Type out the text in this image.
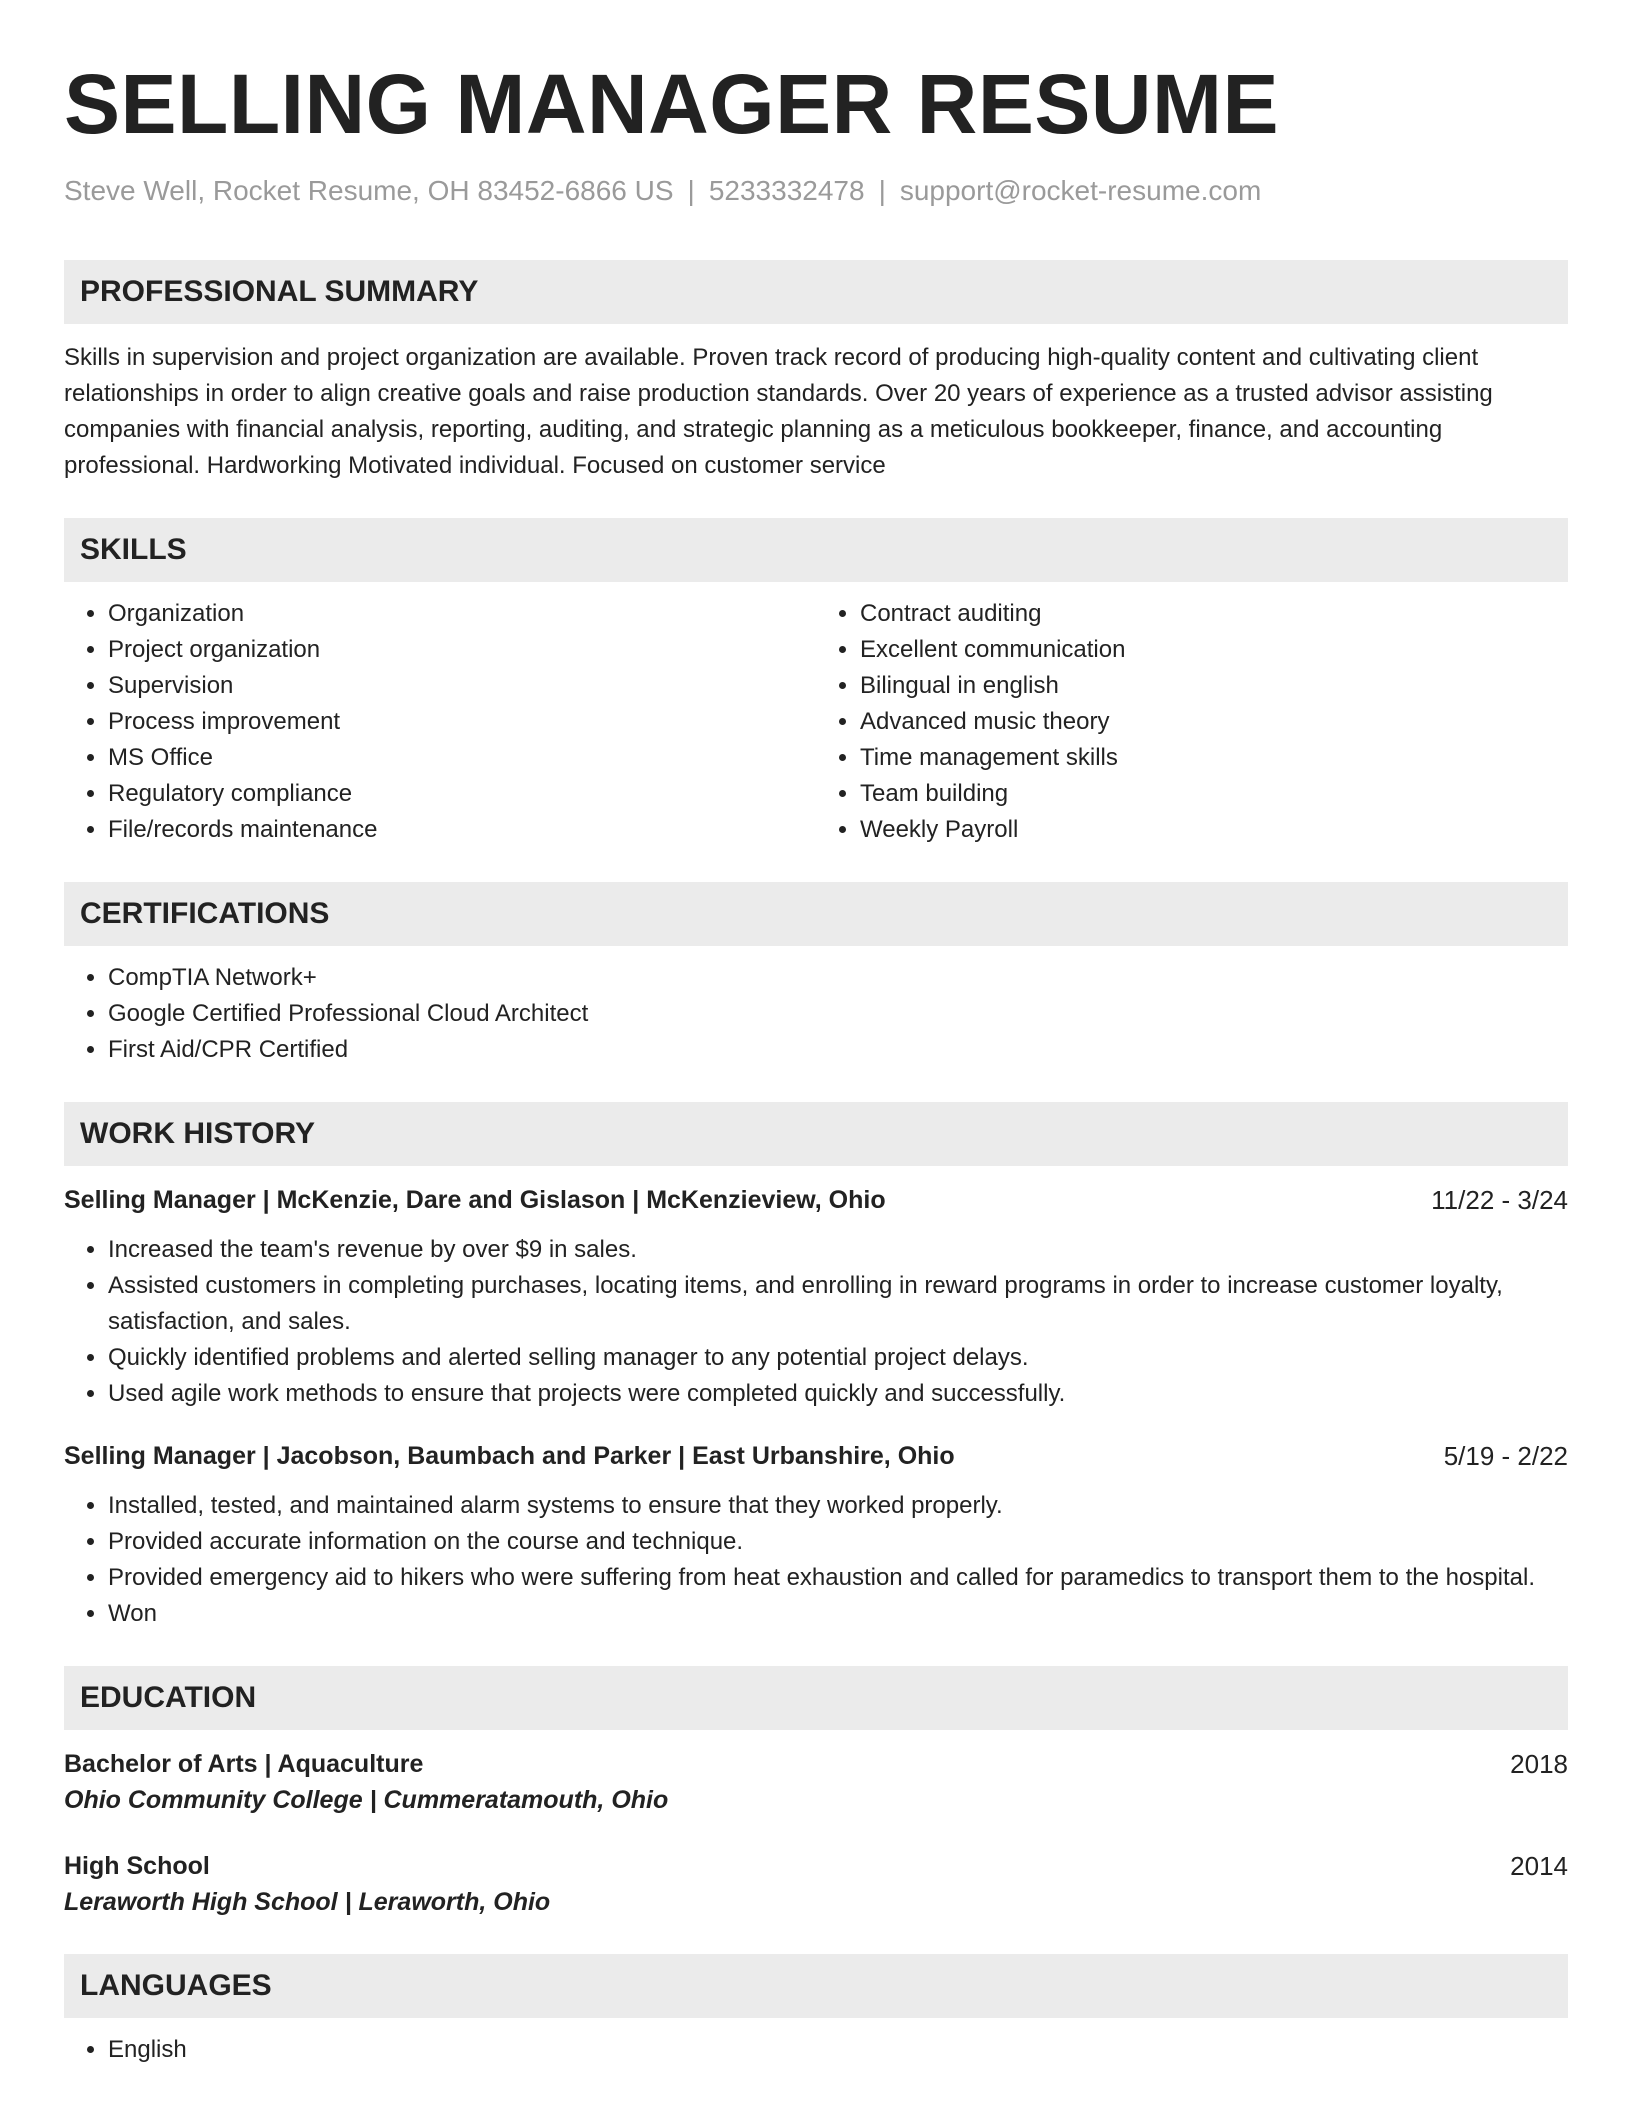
SELLING MANAGER RESUME
Steve Well, Rocket Resume, OH 83452-6866 US | 5233332478 | support@rocket-resume.com
PROFESSIONAL SUMMARY
Skills in supervision and project organization are available. Proven track record of producing high-quality content and cultivating client relationships in order to align creative goals and raise production standards. Over 20 years of experience as a trusted advisor assisting companies with financial analysis, reporting, auditing, and strategic planning as a meticulous bookkeeper, finance, and accounting professional. Hardworking Motivated individual. Focused on customer service
SKILLS
• Organization
• Project organization
• Supervision
• Process improvement
• MS Office
• Regulatory compliance
• File/records maintenance
• Contract auditing
• Excellent communication
• Bilingual in english
• Advanced music theory
• Time management skills
• Team building
• Weekly Payroll
CERTIFICATIONS
• CompTIA Network+
• Google Certified Professional Cloud Architect
• First Aid/CPR Certified
WORK HISTORY
Selling Manager | McKenzie, Dare and Gislason | McKenzieview, Ohio	11/22 - 3/24
• Increased the team's revenue by over $9 in sales.
• Assisted customers in completing purchases, locating items, and enrolling in reward programs in order to increase customer loyalty, satisfaction, and sales.
• Quickly identified problems and alerted selling manager to any potential project delays.
• Used agile work methods to ensure that projects were completed quickly and successfully.
Selling Manager | Jacobson, Baumbach and Parker | East Urbanshire, Ohio	5/19 - 2/22
• Installed, tested, and maintained alarm systems to ensure that they worked properly.
• Provided accurate information on the course and technique.
• Provided emergency aid to hikers who were suffering from heat exhaustion and called for paramedics to transport them to the hospital.
• Won
EDUCATION
Bachelor of Arts | Aquaculture	2018
Ohio Community College | Cummeratamouth, Ohio
High School	2014
Leraworth High School | Leraworth, Ohio
LANGUAGES
• English
